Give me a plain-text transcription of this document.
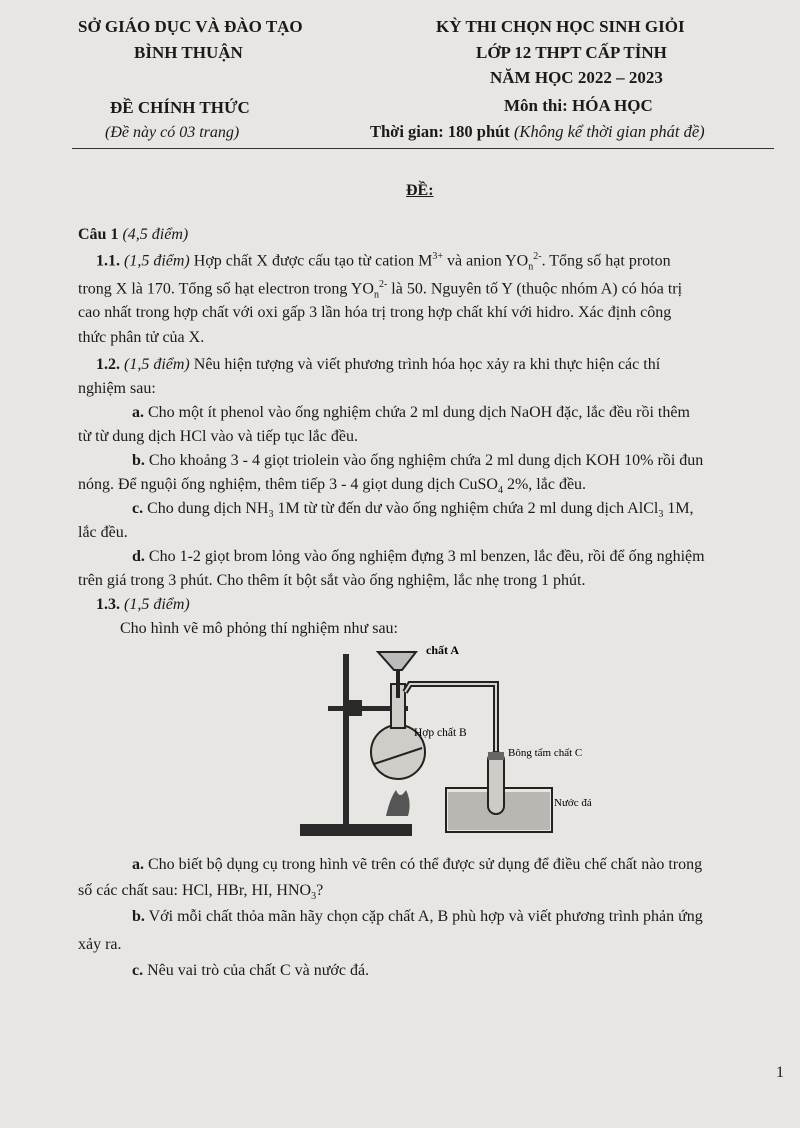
SỞ GIÁO DỤC VÀ ĐÀO TẠO
BÌNH THUẬN
KỲ THI CHỌN HỌC SINH GIỎI
LỚP 12 THPT CẤP TỈNH
NĂM HỌC 2022 – 2023
ĐỀ CHÍNH THỨC
(Đề này có 03 trang)
Môn thi: HÓA HỌC
Thời gian: 180 phút (Không kể thời gian phát đề)
ĐỀ:
Câu 1 (4,5 điểm)
1.1. (1,5 điểm) Hợp chất X được cấu tạo từ cation $M^{3+}$ và anion $YO_n^{2-}$. Tổng số hạt proton
trong X là 170. Tổng số hạt electron trong $YO_n^{2-}$ là 50. Nguyên tố Y (thuộc nhóm A) có hóa trị
cao nhất trong hợp chất với oxi gấp 3 lần hóa trị trong hợp chất khí với hidro. Xác định công
thức phân tử của X.
1.2. (1,5 điểm) Nêu hiện tượng và viết phương trình hóa học xảy ra khi thực hiện các thí
nghiệm sau:
a. Cho một ít phenol vào ống nghiệm chứa 2 ml dung dịch NaOH đặc, lắc đều rồi thêm
từ từ dung dịch HCl vào và tiếp tục lắc đều.
b. Cho khoảng 3 - 4 giọt triolein vào ống nghiệm chứa 2 ml dung dịch KOH 10% rồi đun
nóng. Để nguội ống nghiệm, thêm tiếp 3 - 4 giọt dung dịch CuSO$_4$ 2%, lắc đều.
c. Cho dung dịch $NH_3$ 1M từ từ đến dư vào ống nghiệm chứa 2 ml dung dịch AlCl$_3$ 1M,
lắc đều.
d. Cho 1-2 giọt brom lỏng vào ống nghiệm đựng 3 ml benzen, lắc đều, rồi để ống nghiệm
trên giá trong 3 phút. Cho thêm ít bột sắt vào ống nghiệm, lắc nhẹ trong 1 phút.
1.3. (1,5 điểm)
Cho hình vẽ mô phỏng thí nghiệm như sau:
chất A
Hợp chất B
Bông tẩm chất C
Nước đá
a. Cho biết bộ dụng cụ trong hình vẽ trên có thể được sử dụng để điều chế chất nào trong
số các chất sau: HCl, HBr, HI, $HNO_3$?
b. Với mỗi chất thỏa mãn hãy chọn cặp chất A, B phù hợp và viết phương trình phản ứng
xảy ra.
c. Nêu vai trò của chất C và nước đá.
1
